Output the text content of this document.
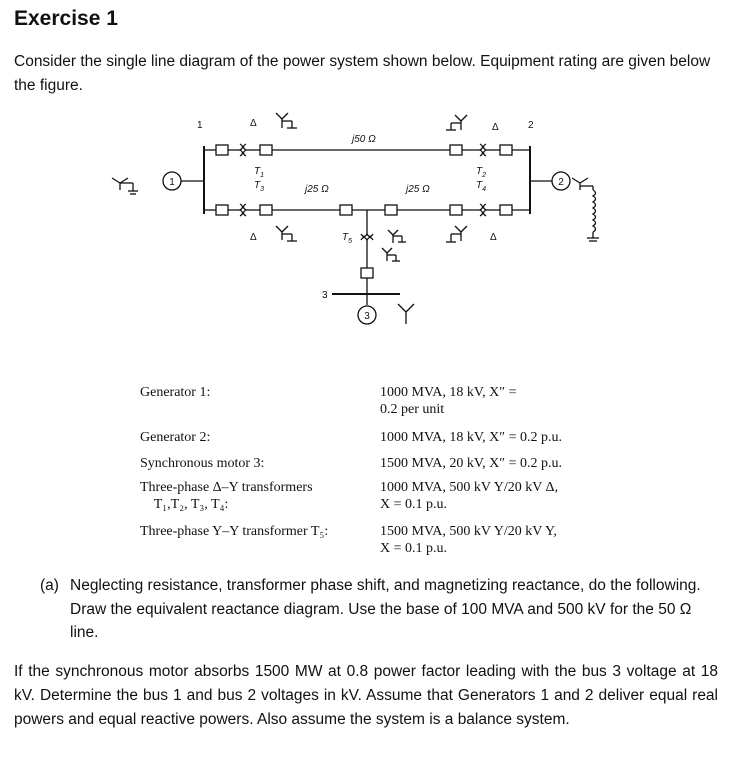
Exercise 1
Consider the single line diagram of the power system shown below. Equipment rating are given below the figure.
1
1
$T_1$
Δ
$T_3$
Δ
j50 Ω
j25 Ω	j25 Ω
$T_5$
3
3
$T_2$
Δ
$T_4$
Δ
2
2
Generator 1:	1000 MVA, 18 kV, X″ =
0.2 per unit
Generator 2:	1000 MVA, 18 kV, X″ = 0.2 p.u.
Synchronous motor 3:	1500 MVA, 20 kV, X″ = 0.2 p.u.
Three-phase Δ–Y transformers
T₁,T₂, T₃, T₄:
1000 MVA, 500 kV Y/20 kV Δ,
X = 0.1 p.u.
Three-phase Y–Y transformer T₅:	1500 MVA, 500 kV Y/20 kV Y,
X = 0.1 p.u.
(a) Neglecting resistance, transformer phase shift, and magnetizing reactance, do the following. Draw the equivalent reactance diagram. Use the base of 100 MVA and 500 kV for the 50 Ω line.
If the synchronous motor absorbs 1500 MW at 0.8 power factor leading with the bus 3 voltage at 18 kV. Determine the bus 1 and bus 2 voltages in kV. Assume that Generators 1 and 2 deliver equal real powers and equal reactive powers. Also assume the system is a balance system.
